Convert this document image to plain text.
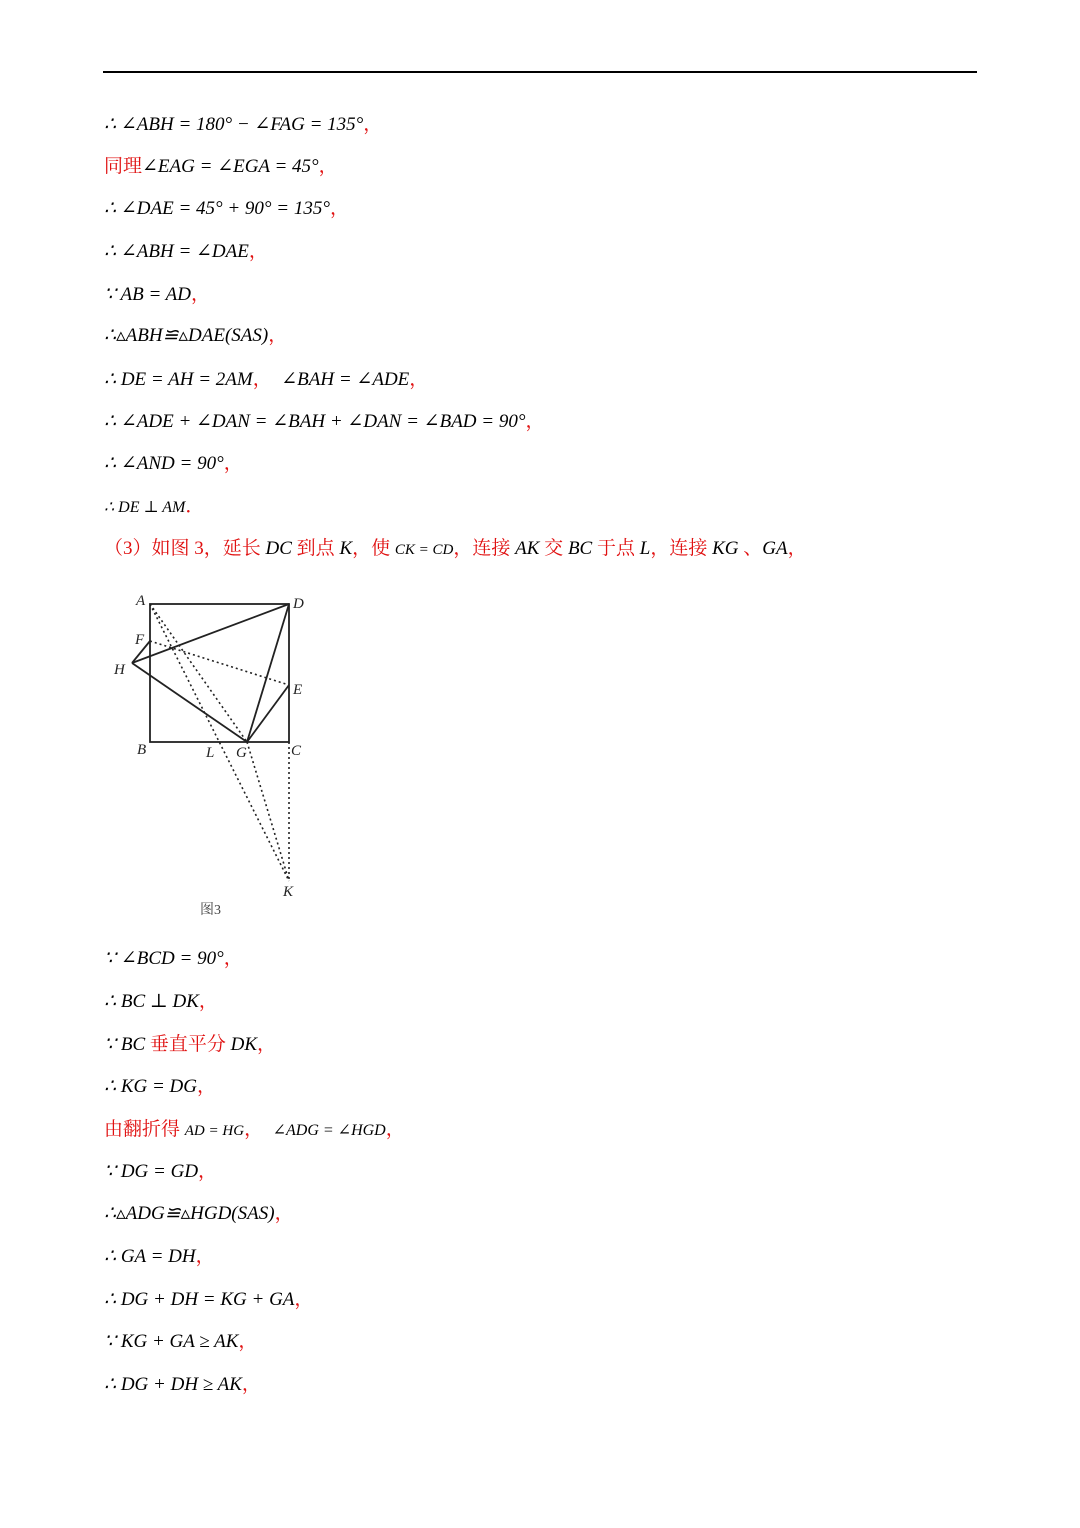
∴ ∠ABH = 180° − ∠FAG = 135°，
同理∠EAG = ∠EGA = 45°，
∴ ∠DAE = 45° + 90° = 135°，
∴ ∠ABH = ∠DAE，
∵ AB = AD，
∴▵ABH≌▵DAE(SAS)，
∴ DE = AH = 2AM， ∠BAH = ∠ADE，
∴ ∠ADE + ∠DAN = ∠BAH + ∠DAN = ∠BAD = 90°，
∴ ∠AND = 90°，
∴ DE ⊥ AM．
（3）如图 3，延长 DC 到点 K，使 CK = CD，连接 AK 交 BC 于点 L，连接 KG 、GA，
A	D
F
H
E
B	L G	C
K
图3
∵ ∠BCD = 90°，
∴ BC ⊥ DK，
∵ BC 垂直平分 DK，
∴ KG = DG，
由翻折得 AD = HG， ∠ADG = ∠HGD，
∵ DG = GD，
∴▵ADG≌▵HGD(SAS)，
∴ GA = DH，
∴ DG + DH = KG + GA，
∵ KG + GA ≥ AK，
∴ DG + DH ≥ AK，
